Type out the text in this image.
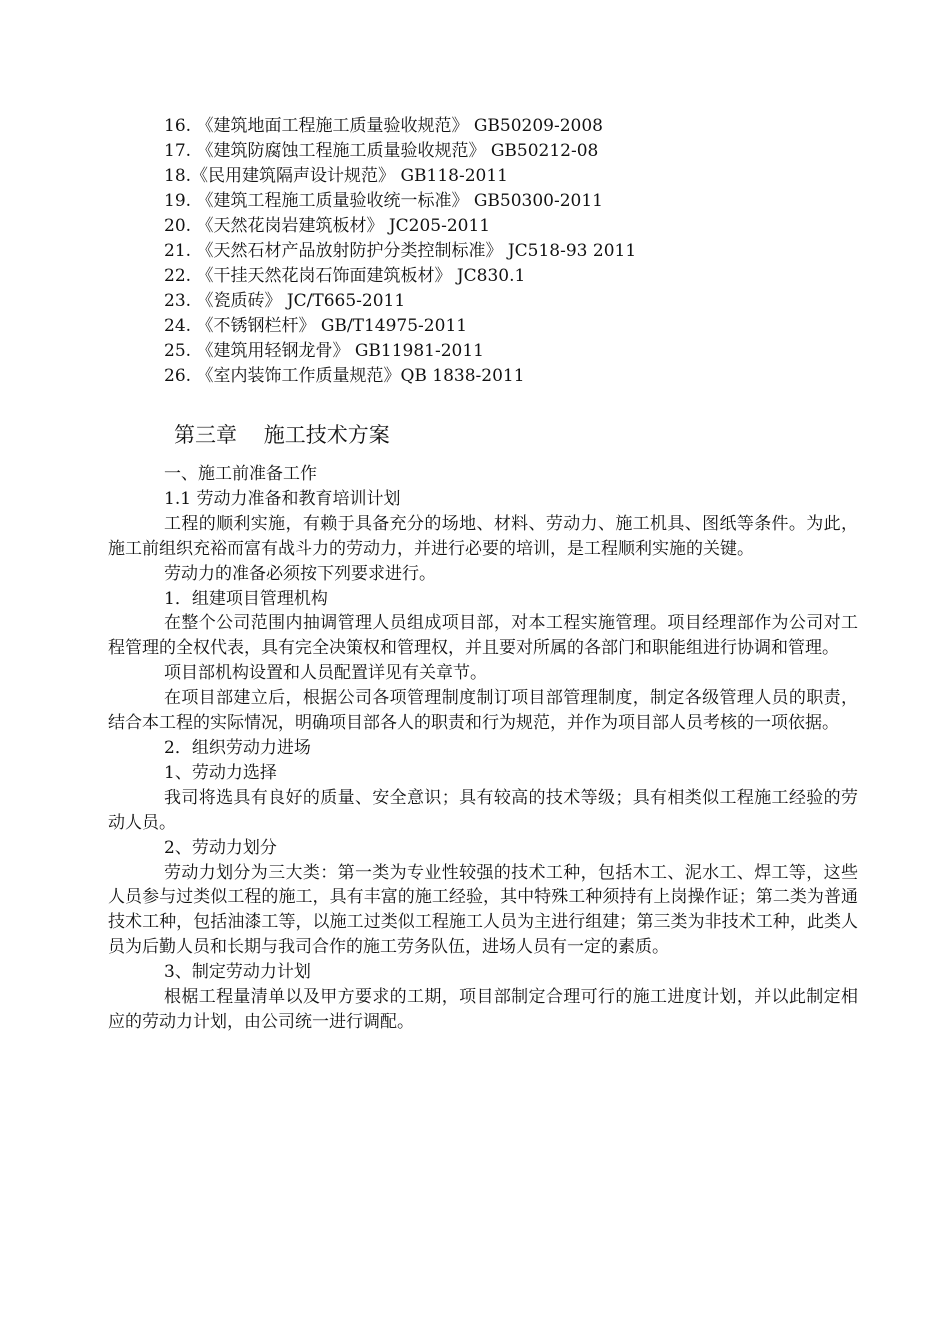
16. 《建筑地面工程施工质量验收规范》 GB50209-2008
17. 《建筑防腐蚀工程施工质量验收规范》 GB50212-08
18.《民用建筑隔声设计规范》 GB118-2011
19. 《建筑工程施工质量验收统一标准》 GB50300-2011
20. 《天然花岗岩建筑板材》 JC205-2011
21. 《天然石材产品放射防护分类控制标准》 JC518-93 2011
22. 《干挂天然花岗石饰面建筑板材》 JC830.1
23. 《瓷质砖》 JC/T665-2011
24. 《不锈钢栏杆》 GB/T14975-2011
25. 《建筑用轻钢龙骨》 GB11981-2011
26. 《室内装饰工作质量规范》QB 1838-2011
第三章    施工技术方案

一、施工前准备工作

1.1 劳动力准备和教育培训计划

工程的顺利实施，有赖于具备充分的场地、材料、劳动力、施工机具、图纸等条件。为此，施工前组织充裕而富有战斗力的劳动力，并进行必要的培训，是工程顺利实施的关键。

劳动力的准备必须按下列要求进行。

1．组建项目管理机构

在整个公司范围内抽调管理人员组成项目部，对本工程实施管理。项目经理部作为公司对工程管理的全权代表，具有完全决策权和管理权，并且要对所属的各部门和职能组进行协调和管理。

项目部机构设置和人员配置详见有关章节。

在项目部建立后，根据公司各项管理制度制订项目部管理制度，制定各级管理人员的职责，结合本工程的实际情况，明确项目部各人的职责和行为规范，并作为项目部人员考核的一项依据。

2．组织劳动力进场

1、劳动力选择

我司将选具有良好的质量、安全意识；具有较高的技术等级；具有相类似工程施工经验的劳动人员。

2、劳动力划分

劳动力划分为三大类：第一类为专业性较强的技术工种，包括木工、泥水工、焊工等，这些人员参与过类似工程的施工，具有丰富的施工经验，其中特殊工种须持有上岗操作证；第二类为普通技术工种，包括油漆工等，以施工过类似工程施工人员为主进行组建；第三类为非技术工种，此类人员为后勤人员和长期与我司合作的施工劳务队伍，进场人员有一定的素质。

3、制定劳动力计划

根椐工程量清单以及甲方要求的工期，项目部制定合理可行的施工进度计划，并以此制定相应的劳动力计划，由公司统一进行调配。
